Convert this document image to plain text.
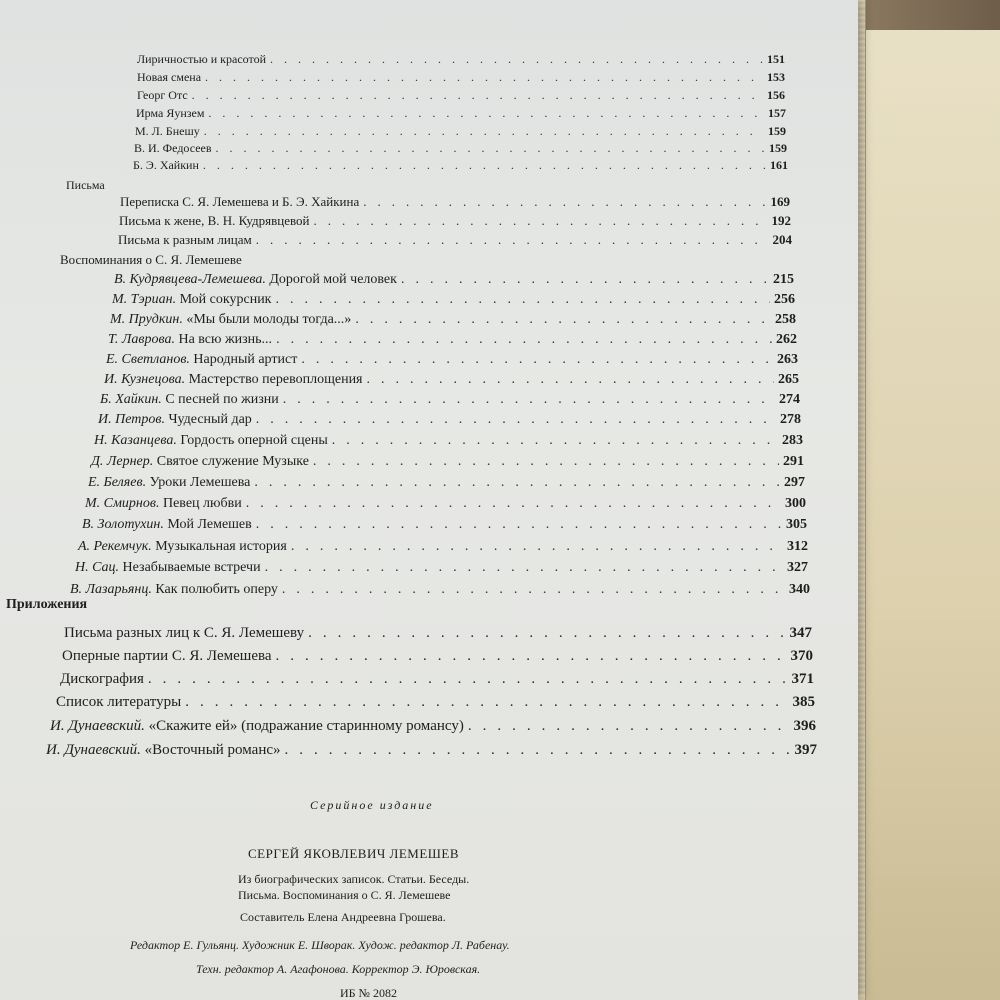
Лиричностью и красотой .....	151
Новая смена .....	153
Георг Отс .....	156
Ирма Яунзем .....	157
М. Л. Бнешу .....	159
В. И. Федосеев .....	159
Б. Э. Хайкин .....	161
Письма
Переписка С. Я. Лемешева и Б. Э. Хайкина .....	169
Письма к жене, В. Н. Кудрявцевой .....	192
Письма к разным лицам .....	204
Воспоминания о С. Я. Лемешеве
В. Кудрявцева-Лемешева. Дорогой мой человек .....	215
М. Тэриан. Мой сокурсник .....	256
М. Прудкин. «Мы были молоды тогда...» .....	258
Т. Лаврова. На всю жизнь... .....	262
Е. Светланов. Народный артист .....	263
И. Кузнецова. Мастерство перевоплощения .....	265
Б. Хайкин. С песней по жизни .....	274
И. Петров. Чудесный дар .....	278
Н. Казанцева. Гордость оперной сцены .....	283
Д. Лернер. Святое служение Музыке .....	291
Е. Беляев. Уроки Лемешева .....	297
М. Смирнов. Певец любви .....	300
В. Золотухин. Мой Лемешев .....	305
А. Рекемчук. Музыкальная история .....	312
Н. Сац. Незабываемые встречи .....	327
В. Лазарьянц. Как полюбить оперу .....	340
Приложения
Письма разных лиц к С. Я. Лемешеву .....	347
Оперные партии С. Я. Лемешева .....	370
Дискография .....	371
Список литературы .....	385
И. Дунаевский. «Скажите ей» (подражание старинному романсу) .....	396
И. Дунаевский. «Восточный романс» .....	397
Серийное издание
СЕРГЕЙ ЯКОВЛЕВИЧ ЛЕМЕШЕВ
Из биографических записок. Статьи. Беседы.
Письма. Воспоминания о С. Я. Лемешеве
Составитель Елена Андреевна Грошева.
Редактор Е. Гульянц. Художник Е. Шворак. Худож. редактор Л. Рабенау.
Техн. редактор А. Агафонова. Корректор Э. Юровская.
ИБ № 2082
